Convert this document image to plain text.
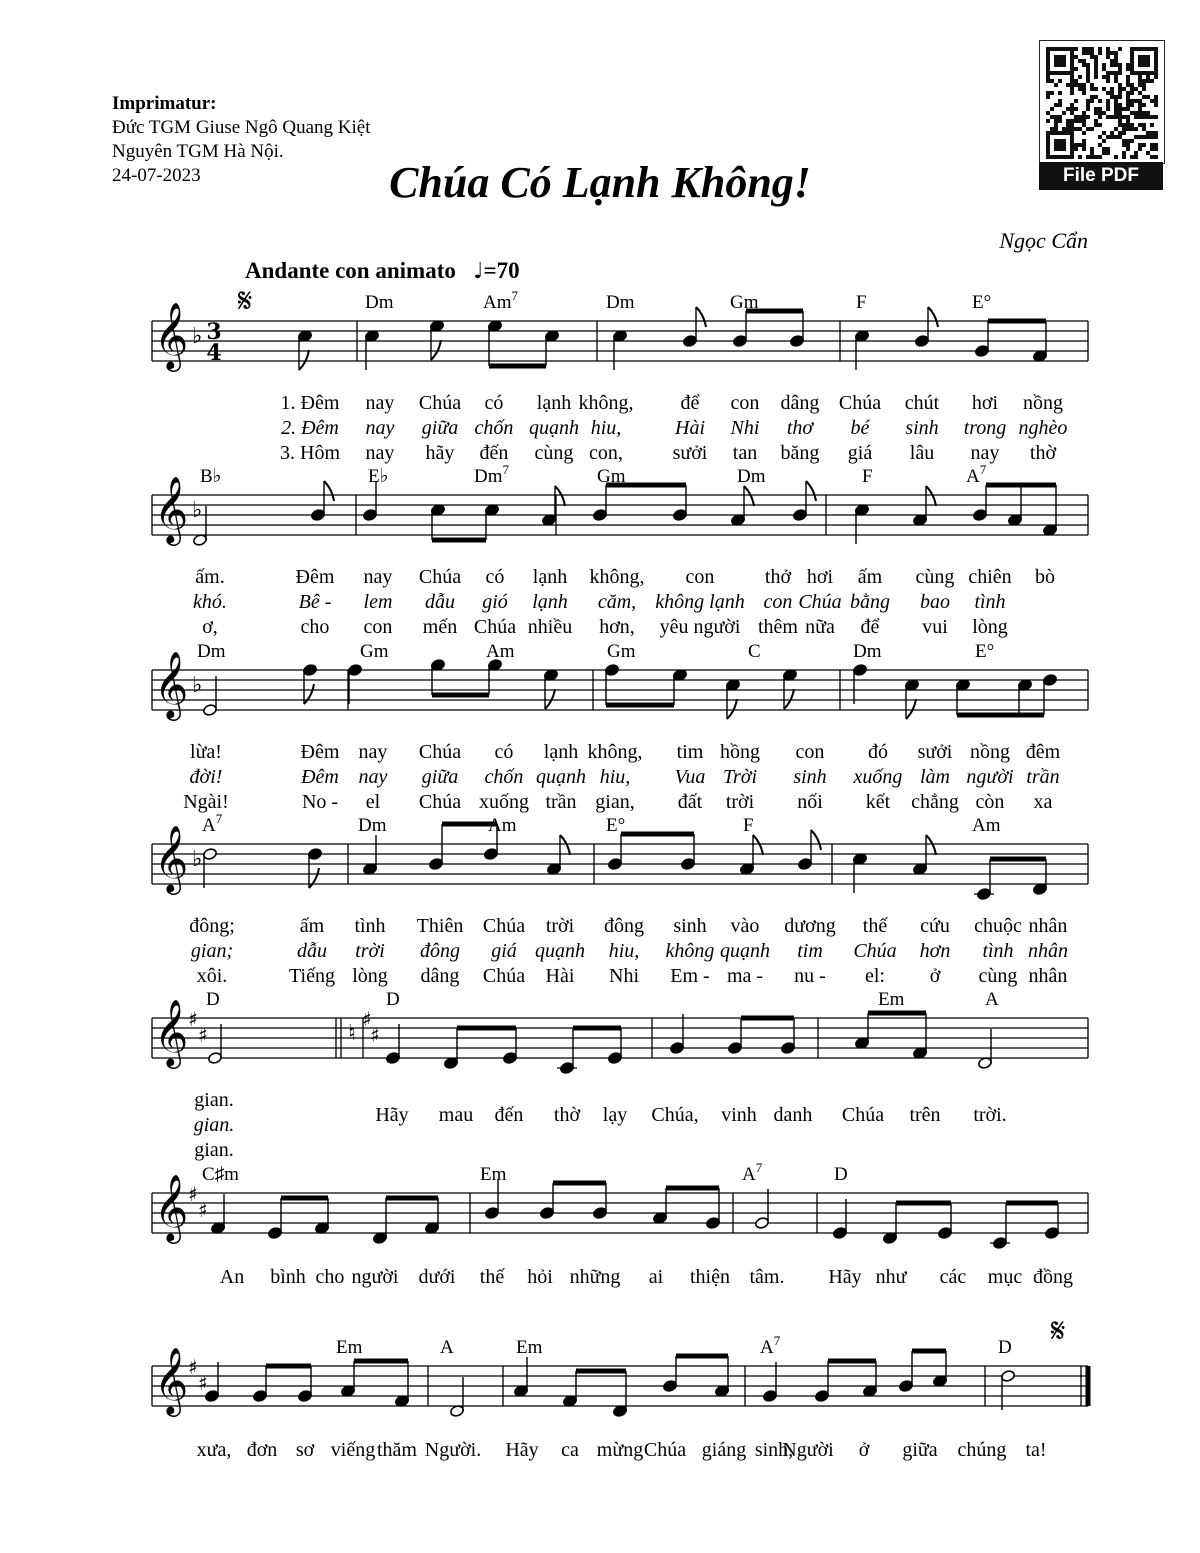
Imprimatur:
Đức TGM Giuse Ngô Quang Kiệt
Nguyên TGM Hà Nội.
24-07-2023	Chúa Có Lạnh Không!
Ngọc Cẩn
Andante con animato ♩=70
File PDF
𝄞 ♭ 3
4
𝄋	Dm	Am$^7$	Dm	Gm	F	E°
1. Đêm nay Chúa có lạnh không, để con dâng Chúa chút hơi nồng
2. Đêm nay giữa chốn quạnh hiu,	Hài Nhi thơ bé sinh trong nghèo
3. Hôm nay hãy đến cùng con, sưởi tan băng giá lâu nay thờ
𝄞 ♭
B♭	E♭	Dm$^7$	Gm	Dm	F	$A^7$
ấm.	Đêm nay Chúa có lạnh không, con	thở hơi ấm cùng chiên bò
khó.	Bê - lem dẫu gió lạnh căm, không lạnh con Chúa bằng bao tình
ơ,	cho con mến Chúa nhiều hơn, yêu người thêm nữa để vui lòng
𝄞 ♭
Dm	Gm	Am	Gm	C	Dm	E°
lừa!	Đêm nay Chúa có lạnh không, tim hồng con đó sưởi nồng đêm
đời!	Đêm nay giữa chốn quạnh hiu, Vua Trời sinh xuống làm người trần
Ngài!	No - el Chúa xuống trần gian, đất trời nối kết chẳng còn xa
𝄞 ♭
$A^7$	Dm	Am	E°	F	Am
đông;	ấm tình Thiên Chúa trời đông sinh vào dương thế cứu chuộc nhân
gian;	dẫu trời đông giá quạnh hiu, không quạnh tim Chúa hơn tình nhân
xôi.	Tiếng lòng dâng Chúa Hài Nhi Em - ma - nu - el: ở cùng nhân
𝄞 ♯
♯	♮
♯
♯
D	D	Em	A
gian.
gian.
gian.
Hãy mau đến thờ lạy Chúa, vinh danh Chúa trên trời.
𝄞 ♯
♯
C♯m	Em	$A^7$	D
An bình cho người dưới thế hỏi những ai thiện tâm. Hãy như các mục đồng
𝄞 ♯
♯
𝄋
Em	A	Em	$A^7$	D
xưa, đơn sơ viếng thăm Người. Hãy ca mừng Chúa giáng sinh,
Người ở giữa chúng ta!
